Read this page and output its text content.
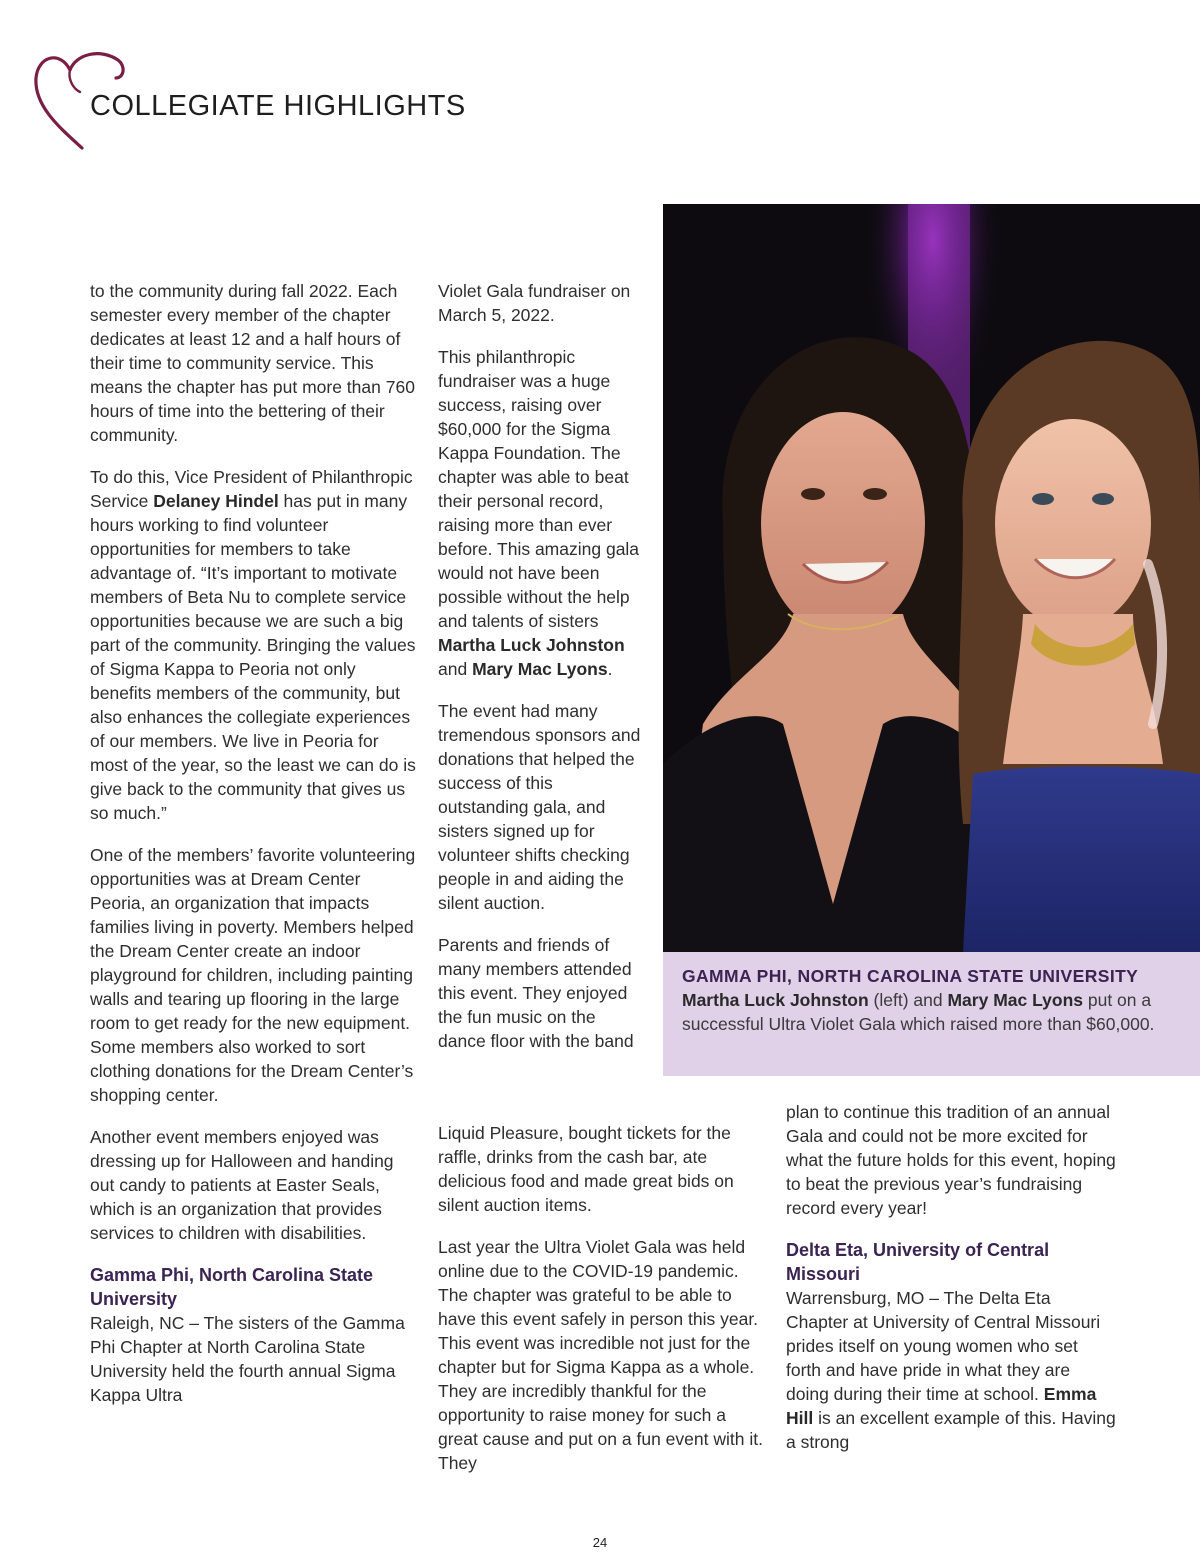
COLLEGIATE HIGHLIGHTS

to the community during fall 2022. Each semester every member of the chapter dedicates at least 12 and a half hours of their time to community service. This means the chapter has put more than 760 hours of time into the bettering of their community.

To do this, Vice President of Philanthropic Service Delaney Hindel has put in many hours working to find volunteer opportunities for members to take advantage of. “It’s important to motivate members of Beta Nu to complete service opportunities because we are such a big part of the community. Bringing the values of Sigma Kappa to Peoria not only benefits members of the community, but also enhances the collegiate experiences of our members. We live in Peoria for most of the year, so the least we can do is give back to the community that gives us so much.”

One of the members’ favorite volunteering opportunities was at Dream Center Peoria, an organization that impacts families living in poverty. Members helped the Dream Center create an indoor playground for children, including painting walls and tearing up flooring in the large room to get ready for the new equipment. Some members also worked to sort clothing donations for the Dream Center’s shopping center.

Another event members enjoyed was dressing up for Halloween and handing out candy to patients at Easter Seals, which is an organization that provides services to children with disabilities.

Gamma Phi, North Carolina State University

Raleigh, NC – The sisters of the Gamma Phi Chapter at North Carolina State University held the fourth annual Sigma Kappa Ultra

Violet Gala fundraiser on March 5, 2022.

This philanthropic fundraiser was a huge success, raising over $60,000 for the Sigma Kappa Foundation. The chapter was able to beat their personal record, raising more than ever before. This amazing gala would not have been possible without the help and talents of sisters Martha Luck Johnston and Mary Mac Lyons.

The event had many tremendous sponsors and donations that helped the success of this outstanding gala, and sisters signed up for volunteer shifts checking people in and aiding the silent auction.

Parents and friends of many members attended this event. They enjoyed the fun music on the dance floor with the band

Liquid Pleasure, bought tickets for the raffle, drinks from the cash bar, ate delicious food and made great bids on silent auction items.

Last year the Ultra Violet Gala was held online due to the COVID-19 pandemic. The chapter was grateful to be able to have this event safely in person this year. This event was incredible not just for the chapter but for Sigma Kappa as a whole. They are incredibly thankful for the opportunity to raise money for such a great cause and put on a fun event with it. They

plan to continue this tradition of an annual Gala and could not be more excited for what the future holds for this event, hoping to beat the previous year’s fundraising record every year!

Delta Eta, University of Central Missouri

Warrensburg, MO – The Delta Eta Chapter at University of Central Missouri prides itself on young women who set forth and have pride in what they are doing during their time at school. Emma Hill is an excellent example of this. Having a strong

GAMMA PHI, NORTH CAROLINA STATE UNIVERSITY
Martha Luck Johnston (left) and Mary Mac Lyons put on a successful Ultra Violet Gala which raised more than $60,000.
24
